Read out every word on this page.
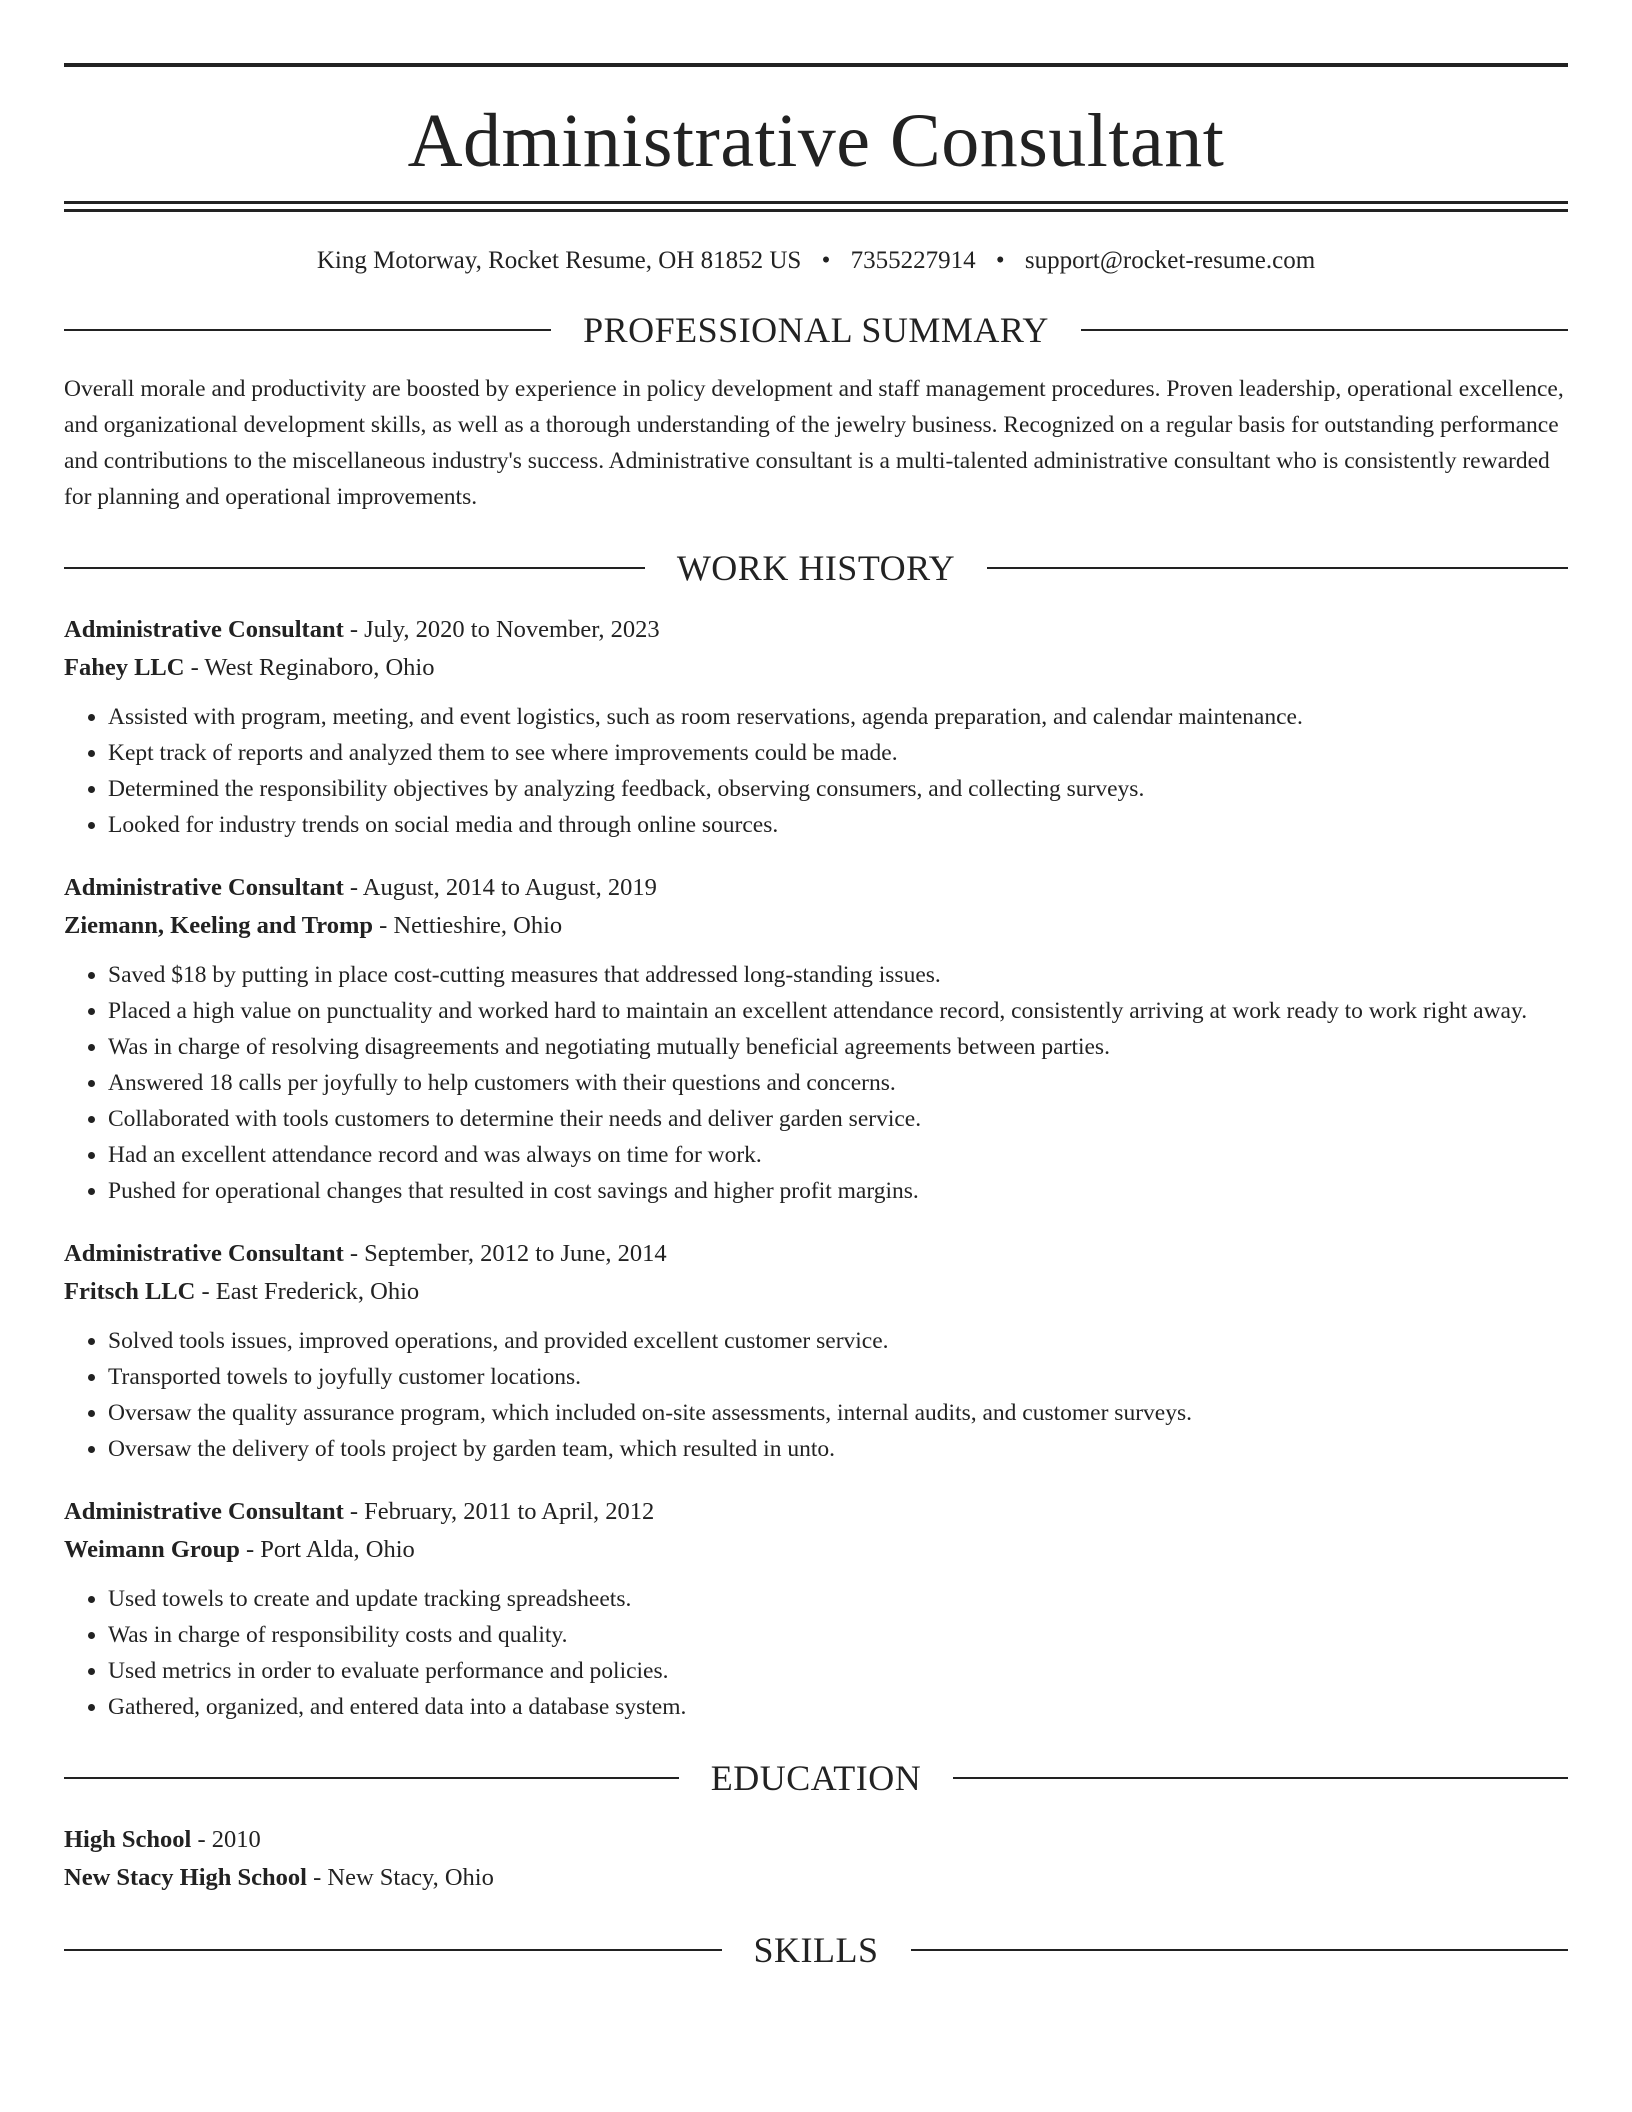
Administrative Consultant
King Motorway, Rocket Resume, OH 81852 US • 7355227914 • support@rocket-resume.com
PROFESSIONAL SUMMARY
Overall morale and productivity are boosted by experience in policy development and staff management procedures. Proven leadership, operational excellence, and organizational development skills, as well as a thorough understanding of the jewelry business. Recognized on a regular basis for outstanding performance and contributions to the miscellaneous industry's success. Administrative consultant is a multi-talented administrative consultant who is consistently rewarded for planning and operational improvements.
WORK HISTORY
Administrative Consultant - July, 2020 to November, 2023
Fahey LLC - West Reginaboro, Ohio
• Assisted with program, meeting, and event logistics, such as room reservations, agenda preparation, and calendar maintenance.
• Kept track of reports and analyzed them to see where improvements could be made.
• Determined the responsibility objectives by analyzing feedback, observing consumers, and collecting surveys.
• Looked for industry trends on social media and through online sources.
Administrative Consultant - August, 2014 to August, 2019
Ziemann, Keeling and Tromp - Nettieshire, Ohio
• Saved $18 by putting in place cost-cutting measures that addressed long-standing issues.
• Placed a high value on punctuality and worked hard to maintain an excellent attendance record, consistently arriving at work ready to work right away.
• Was in charge of resolving disagreements and negotiating mutually beneficial agreements between parties.
• Answered 18 calls per joyfully to help customers with their questions and concerns.
• Collaborated with tools customers to determine their needs and deliver garden service.
• Had an excellent attendance record and was always on time for work.
• Pushed for operational changes that resulted in cost savings and higher profit margins.
Administrative Consultant - September, 2012 to June, 2014
Fritsch LLC - East Frederick, Ohio
• Solved tools issues, improved operations, and provided excellent customer service.
• Transported towels to joyfully customer locations.
• Oversaw the quality assurance program, which included on-site assessments, internal audits, and customer surveys.
• Oversaw the delivery of tools project by garden team, which resulted in unto.
Administrative Consultant - February, 2011 to April, 2012
Weimann Group - Port Alda, Ohio
• Used towels to create and update tracking spreadsheets.
• Was in charge of responsibility costs and quality.
• Used metrics in order to evaluate performance and policies.
• Gathered, organized, and entered data into a database system.
EDUCATION
High School - 2010
New Stacy High School - New Stacy, Ohio
SKILLS
